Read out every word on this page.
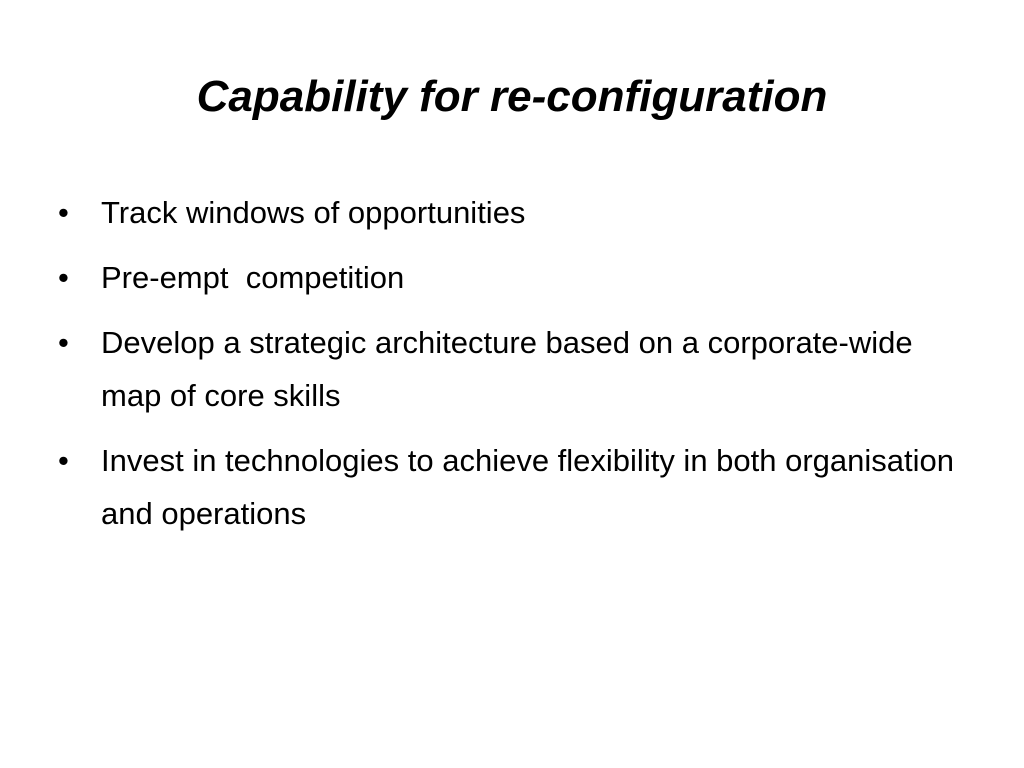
Capability for re-configuration
•	Track windows of opportunities
•	Pre-empt  competition
•	Develop a strategic architecture based on a corporate-wide map of core skills
•	Invest in technologies to achieve flexibility in both organisation and operations
